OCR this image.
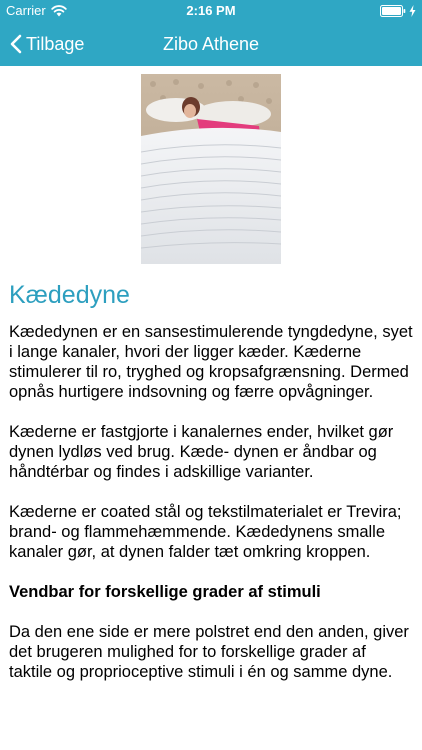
Carrier	2:16 PM
Tilbage	Zibo Athene
Kædedyne

Kædedynen er en sansestimulerende tyngdedyne, syet i lange kanaler, hvori der ligger kæder. Kæderne stimulerer til ro, tryghed og kropsafgrænsning. Dermed opnås hurtigere indsovning og færre opvågninger.

Kæderne er fastgjorte i kanalernes ender, hvilket gør dynen lydløs ved brug. Kæde- dynen er åndbar og håndtérbar og findes i adskillige varianter.

Kæderne er coated stål og tekstilmaterialet er Trevira;
brand- og flammehæmmende. Kædedynens smalle kanaler gør, at dynen falder tæt omkring kroppen.

Vendbar for forskellige grader af stimuli

Da den ene side er mere polstret end den anden, giver det brugeren mulighed for to forskellige grader af taktile og proprioceptive stimuli i én og samme dyne.
